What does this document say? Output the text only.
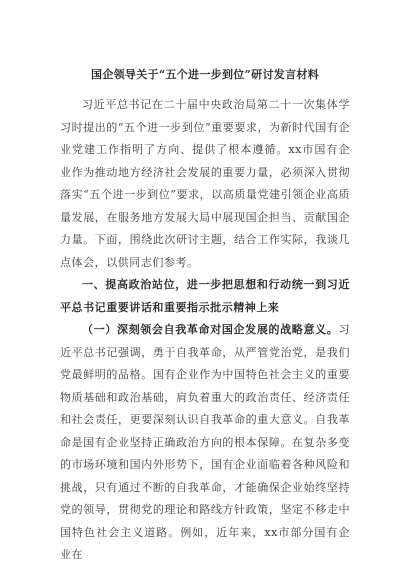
国企领导关于“五个进一步到位”研讨发言材料

习近平总书记在二十届中央政治局第二十一次集体学习时提出的“五个进一步到位”重要要求，为新时代国有企业党建工作指明了方向、提供了根本遵循。xx市国有企业作为推动地方经济社会发展的重要力量，必须深入贯彻落实“五个进一步到位”要求，以高质量党建引领企业高质量发展，在服务地方发展大局中展现国企担当、贡献国企力量。下面，围绕此次研讨主题，结合工作实际，我谈几点体会，以供同志们参考。

一、提高政治站位，进一步把思想和行动统一到习近平总书记重要讲话和重要指示批示精神上来

（一）深刻领会自我革命对国企发展的战略意义。习近平总书记强调，勇于自我革命，从严管党治党，是我们党最鲜明的品格。国有企业作为中国特色社会主义的重要物质基础和政治基础，肩负着重大的政治责任、经济责任和社会责任，更要深刻认识自我革命的重大意义。自我革命是国有企业坚持正确政治方向的根本保障。在复杂多变的市场环境和国内外形势下，国有企业面临着各种风险和挑战，只有通过不断的自我革命，才能确保企业始终坚持党的领导，贯彻党的理论和路线方针政策，坚定不移走中国特色社会主义道路。例如，近年来，xx市部分国有企业在
